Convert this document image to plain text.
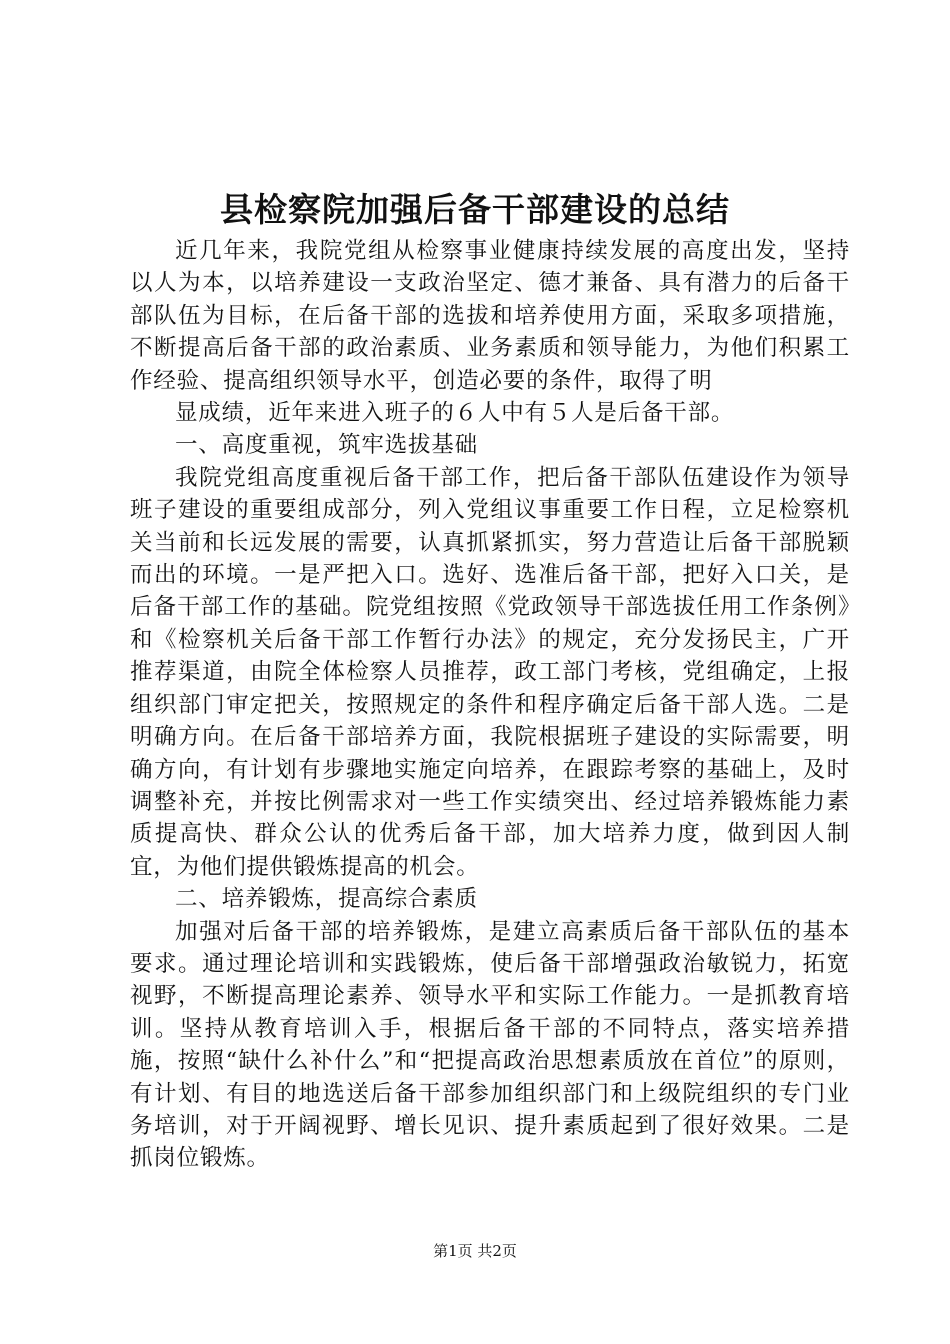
县检察院加强后备干部建设的总结

近几年来，我院党组从检察事业健康持续发展的高度出发，坚持以人为本，以培养建设一支政治坚定、德才兼备、具有潜力的后备干部队伍为目标，在后备干部的选拔和培养使用方面，采取多项措施，不断提高后备干部的政治素质、业务素质和领导能力，为他们积累工作经验、提高组织领导水平，创造必要的条件，取得了明

显成绩，近年来进入班子的６人中有５人是后备干部。

一、高度重视，筑牢选拔基础

我院党组高度重视后备干部工作，把后备干部队伍建设作为领导班子建设的重要组成部分，列入党组议事重要工作日程，立足检察机关当前和长远发展的需要，认真抓紧抓实，努力营造让后备干部脱颖而出的环境。一是严把入口。选好、选准后备干部，把好入口关，是后备干部工作的基础。院党组按照《党政领导干部选拔任用工作条例》和《检察机关后备干部工作暂行办法》的规定，充分发扬民主，广开推荐渠道，由院全体检察人员推荐，政工部门考核，党组确定，上报组织部门审定把关，按照规定的条件和程序确定后备干部人选。二是明确方向。在后备干部培养方面，我院根据班子建设的实际需要，明确方向，有计划有步骤地实施定向培养，在跟踪考察的基础上，及时调整补充，并按比例需求对一些工作实绩突出、经过培养锻炼能力素质提高快、群众公认的优秀后备干部，加大培养力度，做到因人制宜，为他们提供锻炼提高的机会。

二、培养锻炼，提高综合素质

加强对后备干部的培养锻炼，是建立高素质后备干部队伍的基本要求。通过理论培训和实践锻炼，使后备干部增强政治敏锐力，拓宽视野，不断提高理论素养、领导水平和实际工作能力。一是抓教育培训。坚持从教育培训入手，根据后备干部的不同特点，落实培养措施，按照“缺什么补什么”和“把提高政治思想素质放在首位”的原则，有计划、有目的地选送后备干部参加组织部门和上级院组织的专门业务培训，对于开阔视野、增长见识、提升素质起到了很好效果。二是抓岗位锻炼。

第1页 共2页
